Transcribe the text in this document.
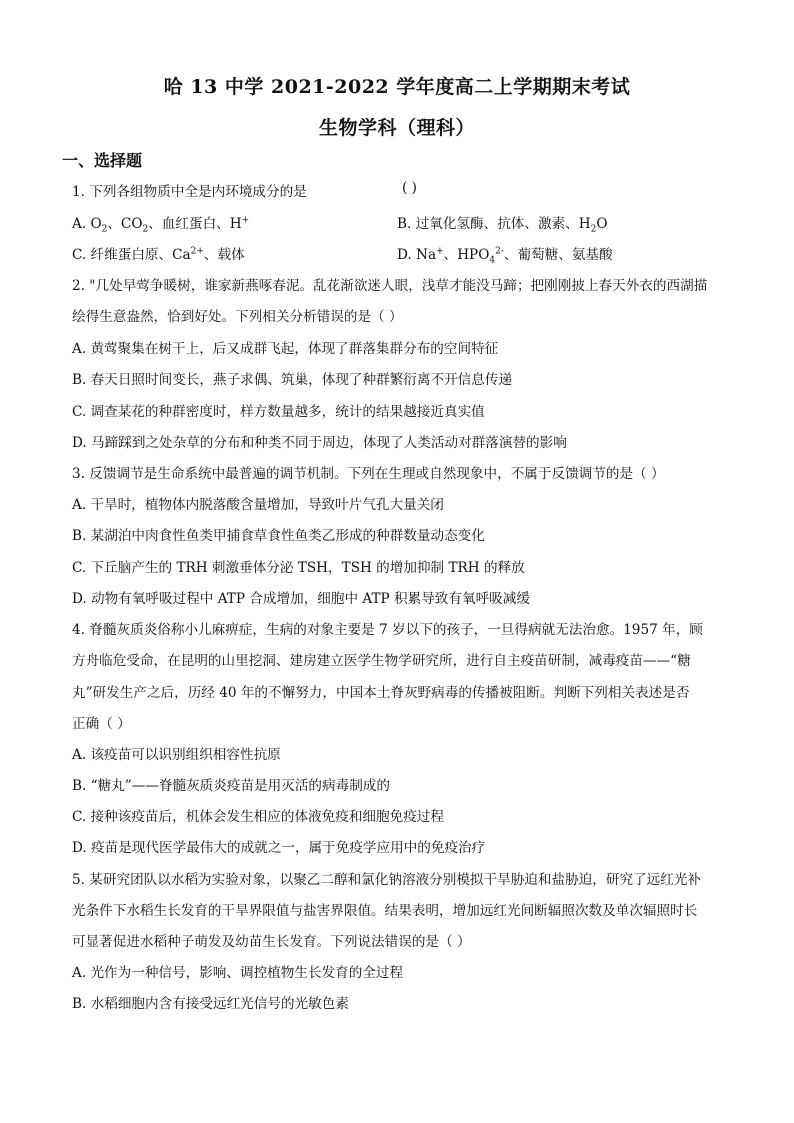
哈 13 中学 2021-2022 学年度高二上学期期末考试
生物学科（理科）
一、选择题
1. 下列各组物质中全是内环境成分的是	( )
A. $O_2$、$CO_2$、血红蛋白、H+	B. 过氧化氢酶、抗体、激素、$H_2O$
C. 纤维蛋白原、$Ca^{2+}$、载体	D. Na+、$HPO_4^{2-}$、葡萄糖、氨基酸
2. "几处早莺争暖树，谁家新燕啄春泥。乱花渐欲迷人眼，浅草才能没马蹄；把刚刚披上春天外衣的西湖描
绘得生意盎然，恰到好处。下列相关分析错误的是（ ）
A. 黄莺聚集在树干上，后又成群飞起，体现了群落集群分布的空间特征
B. 春天日照时间变长，燕子求偶、筑巢，体现了种群繁衍离不开信息传递
C. 调查某花的种群密度时，样方数量越多，统计的结果越接近真实值
D. 马蹄踩到之处杂草的分布和种类不同于周边，体现了人类活动对群落演替的影响
3. 反馈调节是生命系统中最普遍的调节机制。下列在生理或自然现象中，不属于反馈调节的是（ ）
A. 干旱时，植物体内脱落酸含量增加，导致叶片气孔大量关闭
B. 某湖泊中肉食性鱼类甲捕食草食性鱼类乙形成的种群数量动态变化
C. 下丘脑产生的 TRH 刺激垂体分泌 TSH，TSH 的增加抑制 TRH 的释放
D. 动物有氧呼吸过程中 ATP 合成增加，细胞中 ATP 积累导致有氧呼吸减缓
4. 脊髓灰质炎俗称小儿麻痹症，生病的对象主要是 7 岁以下的孩子，一旦得病就无法治愈。1957 年，顾
方舟临危受命，在昆明的山里挖洞、建房建立医学生物学研究所，进行自主疫苗研制，减毒疫苗——“糖
丸”研发生产之后，历经 40 年的不懈努力，中国本土脊灰野病毒的传播被阻断。判断下列相关表述是否
正确（ ）
A. 该疫苗可以识别组织相容性抗原
B. “糖丸”——脊髓灰质炎疫苗是用灭活的病毒制成的
C. 接种该疫苗后，机体会发生相应的体液免疫和细胞免疫过程
D. 疫苗是现代医学最伟大的成就之一，属于免疫学应用中的免疫治疗
5. 某研究团队以水稻为实验对象，以聚乙二醇和氯化钠溶液分别模拟干旱胁迫和盐胁迫，研究了远红光补
光条件下水稻生长发育的干旱界限值与盐害界限值。结果表明，增加远红光间断辐照次数及单次辐照时长
可显著促进水稻种子萌发及幼苗生长发育。下列说法错误的是（ ）
A. 光作为一种信号，影响、调控植物生长发育的全过程
B. 水稻细胞内含有接受远红光信号的光敏色素
